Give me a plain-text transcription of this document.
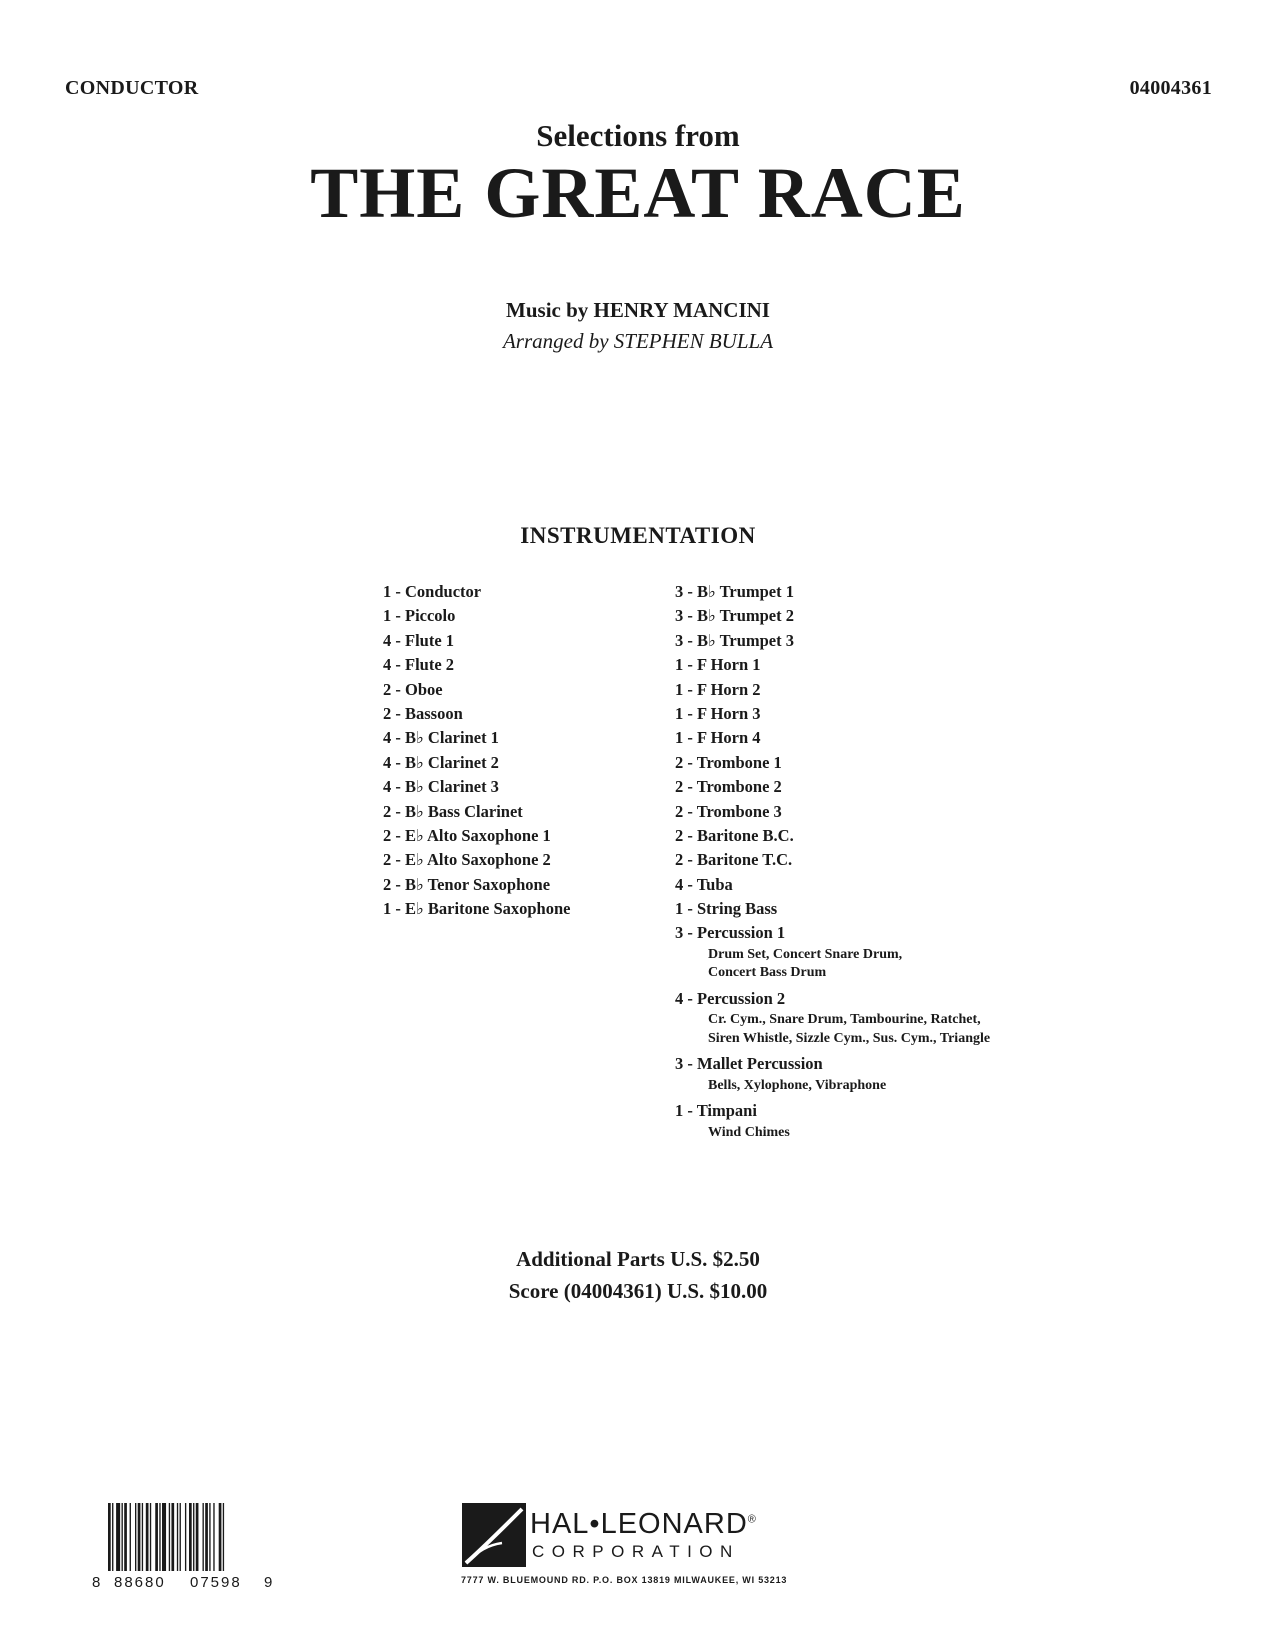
CONDUCTOR	04004361
Selections from
THE GREAT RACE
Music by HENRY MANCINI
Arranged by STEPHEN BULLA
INSTRUMENTATION
1 - Conductor
1 - Piccolo
4 - Flute 1
4 - Flute 2
2 - Oboe
2 - Bassoon
4 - B♭ Clarinet 1
4 - B♭ Clarinet 2
4 - B♭ Clarinet 3
2 - B♭ Bass Clarinet
2 - E♭ Alto Saxophone 1
2 - E♭ Alto Saxophone 2
2 - B♭ Tenor Saxophone
1 - E♭ Baritone Saxophone
3 - B♭ Trumpet 1
3 - B♭ Trumpet 2
3 - B♭ Trumpet 3
1 - F Horn 1
1 - F Horn 2
1 - F Horn 3
1 - F Horn 4
2 - Trombone 1
2 - Trombone 2
2 - Trombone 3
2 - Baritone B.C.
2 - Baritone T.C.
4 - Tuba
1 - String Bass
3 - Percussion 1
Drum Set, Concert Snare Drum,
Concert Bass Drum
4 - Percussion 2
Cr. Cym., Snare Drum, Tambourine, Ratchet,
Siren Whistle, Sizzle Cym., Sus. Cym., Triangle
3 - Mallet Percussion
Bells, Xylophone, Vibraphone
1 - Timpani
Wind Chimes
Additional Parts U.S. $2.50
Score (04004361) U.S. $10.00
8 88680 07598 9
HAL•LEONARD®
CORPORATION
7777 W. BLUEMOUND RD. P.O. BOX 13819 MILWAUKEE, WI 53213
